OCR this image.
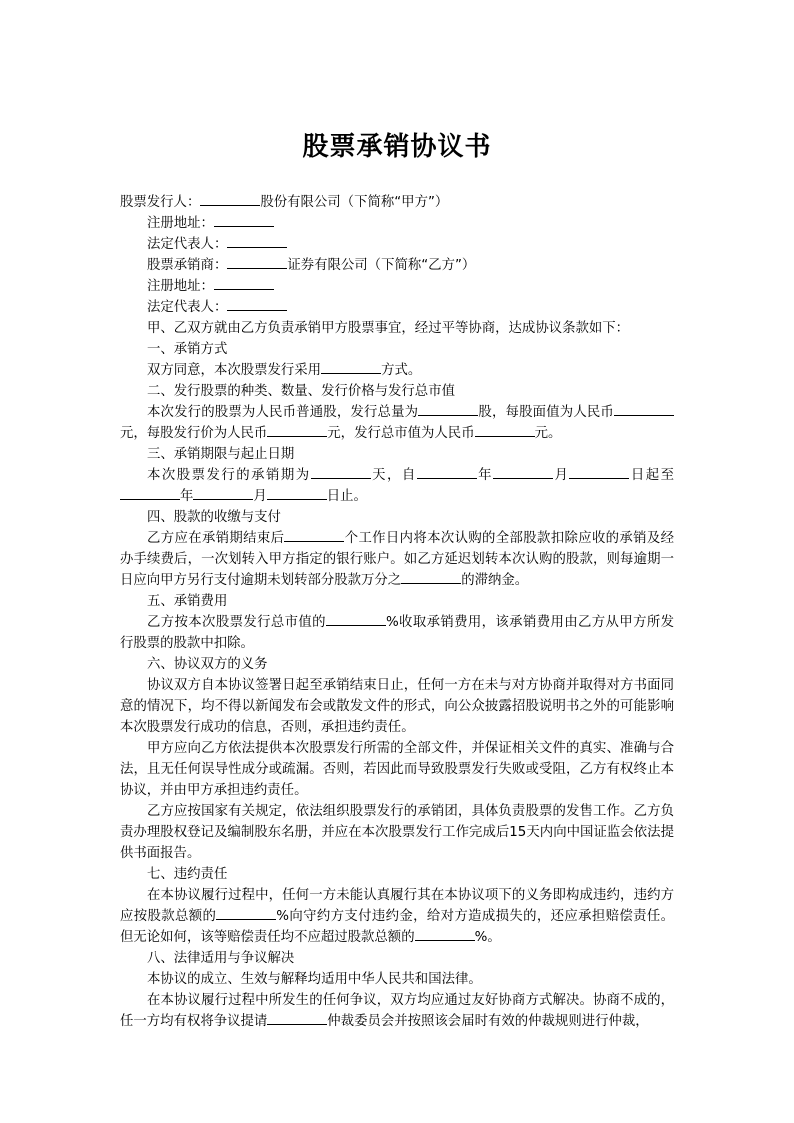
股票承销协议书
股票发行人：	股份有限公司（下简称“甲方”）
注册地址：
法定代表人：
股票承销商：	证券有限公司（下简称“乙方”）
注册地址：
法定代表人：
甲、乙双方就由乙方负责承销甲方股票事宜，经过平等协商，达成协议条款如下：
一、承销方式
双方同意，本次股票发行采用	方式。
二、发行股票的种类、数量、发行价格与发行总市值
本次发行的股票为人民币普通股，发行总量为	股，每股面值为人民币元，每股发行价为人民币	元，发行总市值为人民币	元。
三、承销期限与起止日期
本次股票发行的承销期为	天，自	年	月	日起至年	月	日止。
四、股款的收缴与支付
乙方应在承销期结束后	个工作日内将本次认购的全部股款扣除应收的承销及经办手续费后，一次划转入甲方指定的银行账户。如乙方延迟划转本次认购的股款，则每逾期一日应向甲方另行支付逾期未划转部分股款万分之	的滞纳金。
五、承销费用
乙方按本次股票发行总市值的	%收取承销费用，该承销费用由乙方从甲方所发行股票的股款中扣除。
六、协议双方的义务
协议双方自本协议签署日起至承销结束日止，任何一方在未与对方协商并取得对方书面同意的情况下，均不得以新闻发布会或散发文件的形式，向公众披露招股说明书之外的可能影响本次股票发行成功的信息，否则，承担违约责任。
甲方应向乙方依法提供本次股票发行所需的全部文件，并保证相关文件的真实、准确与合法，且无任何误导性成分或疏漏。否则，若因此而导致股票发行失败或受阻，乙方有权终止本协议，并由甲方承担违约责任。
乙方应按国家有关规定，依法组织股票发行的承销团，具体负责股票的发售工作。乙方负责办理股权登记及编制股东名册，并应在本次股票发行工作完成后15天内向中国证监会依法提供书面报告。
七、违约责任
在本协议履行过程中，任何一方未能认真履行其在本协议项下的义务即构成违约，违约方应按股款总额的	%向守约方支付违约金，给对方造成损失的，还应承担赔偿责任。但无论如何，该等赔偿责任均不应超过股款总额的	%。
八、法律适用与争议解决
本协议的成立、生效与解释均适用中华人民共和国法律。
在本协议履行过程中所发生的任何争议，双方均应通过友好协商方式解决。协商不成的，任一方均有权将争议提请	仲裁委员会并按照该会届时有效的仲裁规则进行仲裁，
